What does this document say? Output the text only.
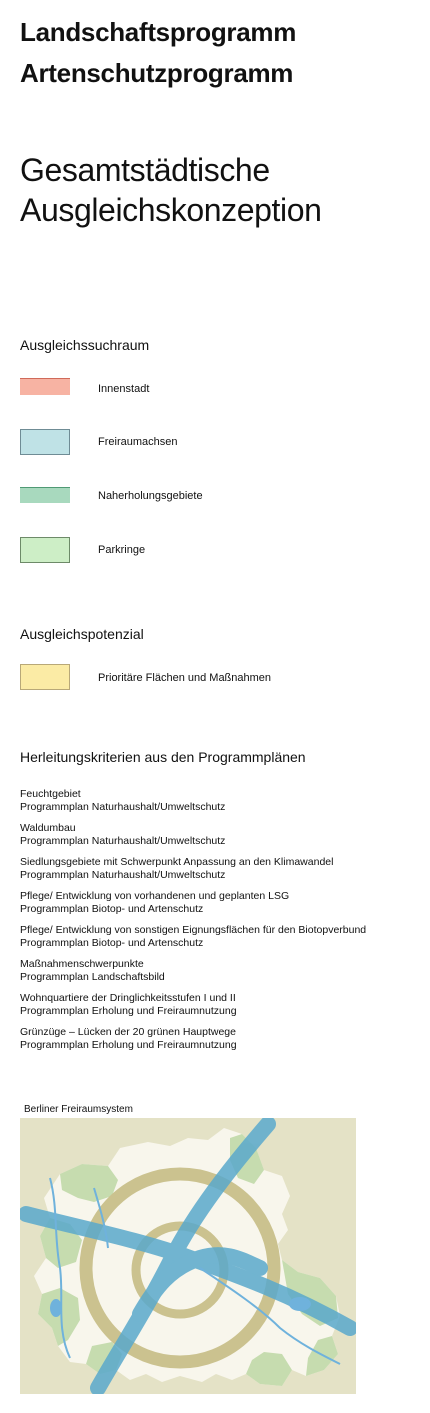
Landschaftsprogramm
Artenschutzprogramm
Gesamtstädtische
Ausgleichskonzeption
Ausgleichssuchraum
Innenstadt
Freiraumachsen
Naherholungsgebiete
Parkringe
Ausgleichspotenzial
Prioritäre Flächen und Maßnahmen
Herleitungskriterien aus den Programmplänen
Feuchtgebiet
Programmplan Naturhaushalt/Umweltschutz
Waldumbau
Programmplan Naturhaushalt/Umweltschutz
Siedlungsgebiete mit Schwerpunkt Anpassung an den Klimawandel
Programmplan Naturhaushalt/Umweltschutz
Pflege/ Entwicklung von vorhandenen und geplanten LSG
Programmplan Biotop- und Artenschutz
Pflege/ Entwicklung von sonstigen Eignungsflächen für den Biotopverbund
Programmplan Biotop- und Artenschutz
Maßnahmenschwerpunkte
Programmplan Landschaftsbild
Wohnquartiere der Dringlichkeitsstufen I und II
Programmplan Erholung und Freiraumnutzung
Grünzüge – Lücken der 20 grünen Hauptwege
Programmplan Erholung und Freiraumnutzung
Berliner Freiraumsystem
